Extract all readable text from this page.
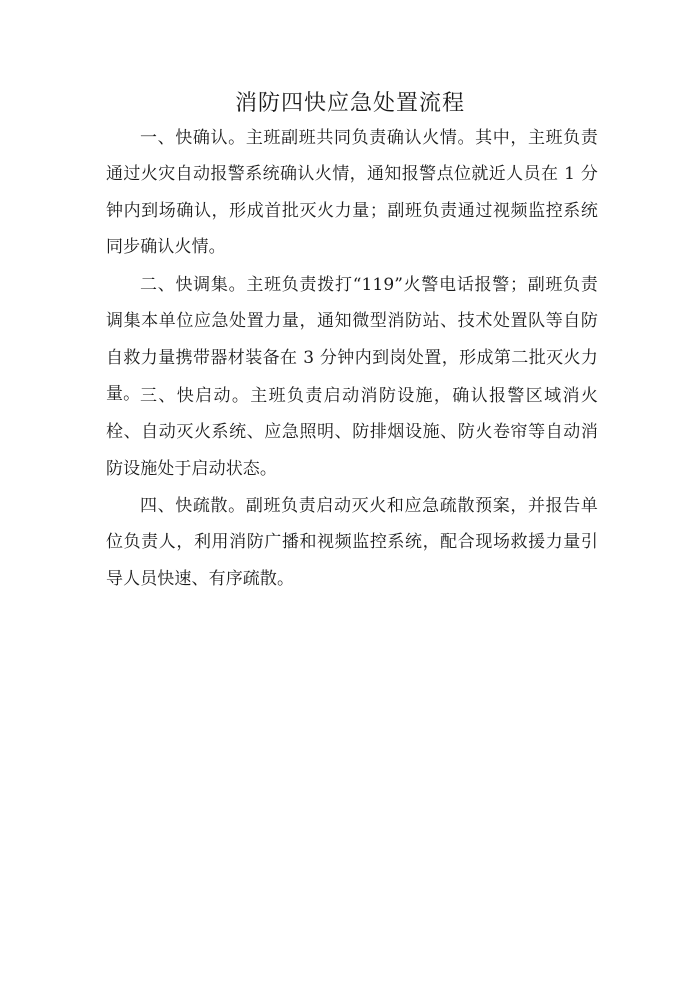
消防四快应急处置流程

一、快确认。主班副班共同负责确认火情。其中，主班负责通过火灾自动报警系统确认火情，通知报警点位就近人员在 1 分钟内到场确认，形成首批灭火力量；副班负责通过视频监控系统同步确认火情。

二、快调集。主班负责拨打“119”火警电话报警；副班负责调集本单位应急处置力量，通知微型消防站、技术处置队等自防自救力量携带器材装备在 3 分钟内到岗处置，形成第二批灭火力量。 三、快启动。主班负责启动消防设施，确认报警区域消火栓、自动灭火系统、应急照明、防排烟设施、防火卷帘等自动消防设施处于启动状态。

四、快疏散。副班负责启动灭火和应急疏散预案，并报告单位负责人，利用消防广播和视频监控系统，配合现场救援力量引导人员快速、有序疏散。
